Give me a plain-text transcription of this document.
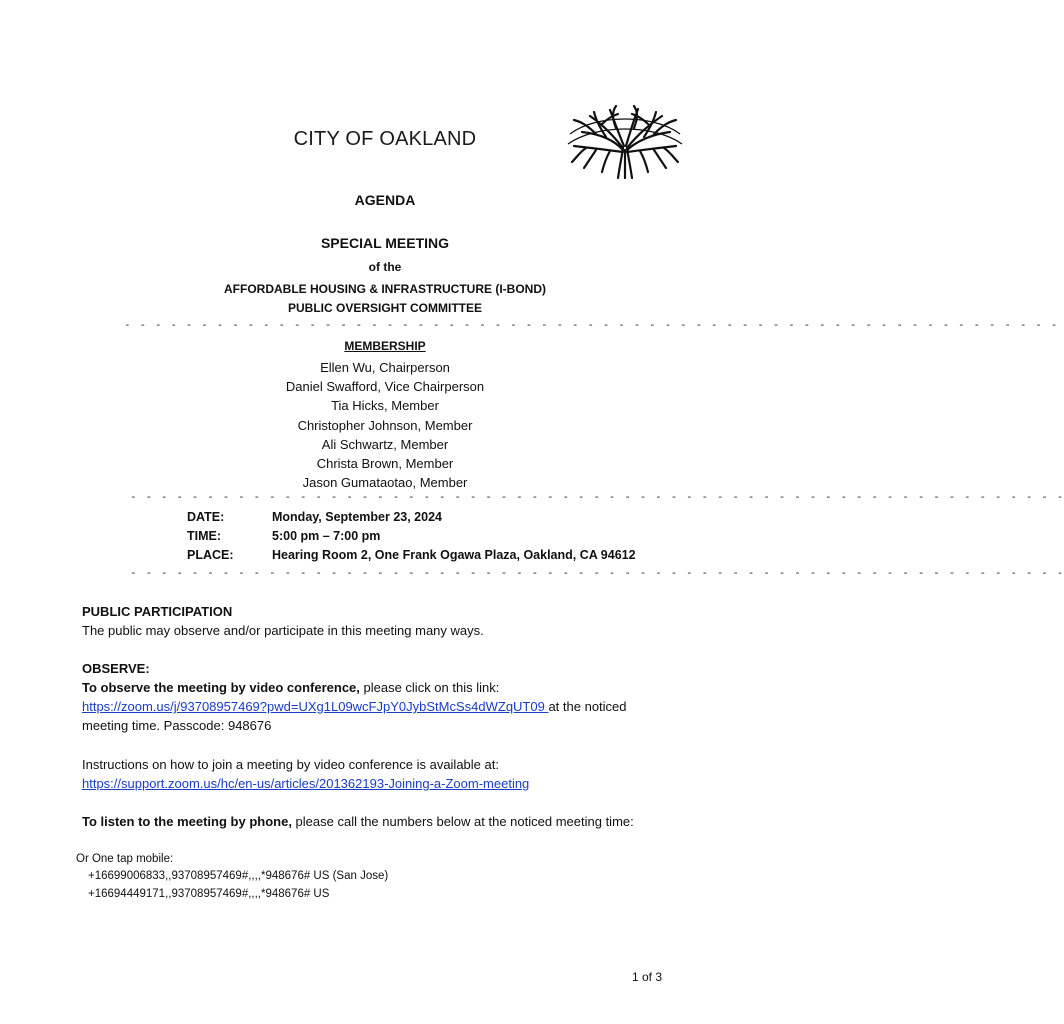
CITY OF OAKLAND
AGENDA
SPECIAL MEETING
of the
AFFORDABLE HOUSING & INFRASTRUCTURE (I-BOND)
PUBLIC OVERSIGHT COMMITTEE
- - - - - - - - - - - - - - - - - - - - - - - - - - - - - - - - - - - - - - - - - - - - - - - - - - - - - - - - - - - - -
MEMBERSHIP
Ellen Wu, Chairperson
Daniel Swafford, Vice Chairperson
Tia Hicks, Member
Christopher Johnson, Member
Ali Schwartz, Member
Christa Brown, Member
Jason Gumataotao, Member
- - - - - - - - - - - - - - - - - - - - - - - - - - - - - - - - - - - - - - - - - - - - - - - - - - - - - - - - - - - - -
DATE:	Monday, September 23, 2024
TIME:	5:00 pm – 7:00 pm
PLACE:	Hearing Room 2, One Frank Ogawa Plaza, Oakland, CA 94612
- - - - - - - - - - - - - - - - - - - - - - - - - - - - - - - - - - - - - - - - - - - - - - - - - - - - - - - - - - - - -
PUBLIC PARTICIPATION
The public may observe and/or participate in this meeting many ways.
OBSERVE:
To observe the meeting by video conference, please click on this link:
https://zoom.us/j/93708957469?pwd=UXg1L09wcFJpY0JybStMcSs4dWZqUT09 at the noticed
meeting time. Passcode: 948676
Instructions on how to join a meeting by video conference is available at:
https://support.zoom.us/hc/en-us/articles/201362193-Joining-a-Zoom-meeting
To listen to the meeting by phone, please call the numbers below at the noticed meeting time:
Or One tap mobile:
+16699006833,,93708957469#,,,,*948676# US (San Jose)
+16694449171,,93708957469#,,,,*948676# US
1 of 3
